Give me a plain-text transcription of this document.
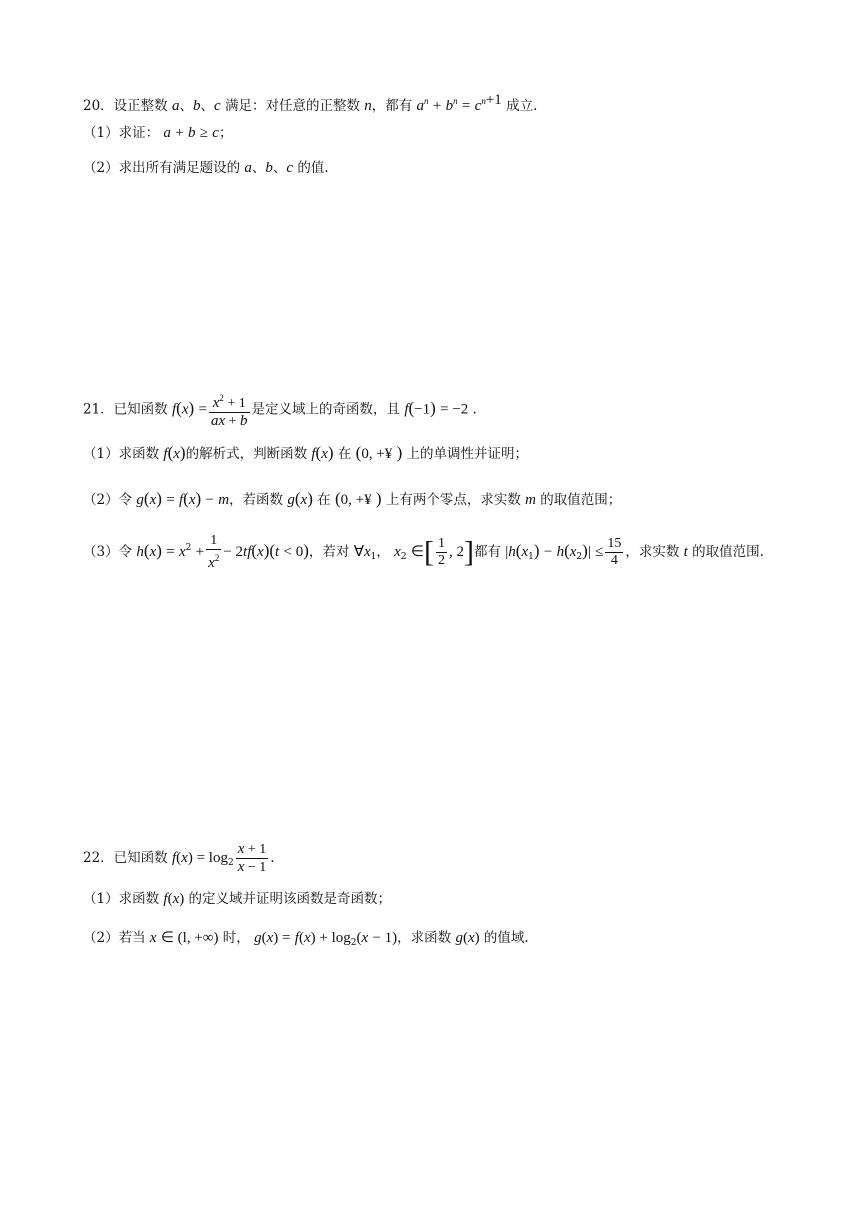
20．设正整数 a、b、c 满足：对任意的正整数 n，都有 $a^n + b^n = c^{n+1}$ 成立.
（1）求证： a + b ≥ c；
（2）求出所有满足题设的 a、b、c 的值.
21．已知函数 $f(x) = \frac{x^2 + 1}{ax + b}$ 是定义域上的奇函数，且 f(−1) = −2 .
（1）求函数 f(x)的解析式，判断函数 f(x) 在 (0, +¥ ) 上的单调性并证明；
（2）令 g(x) = f(x) − m，若函数 g(x) 在 (0, +¥ ) 上有两个零点，求实数 m 的取值范围；
（3）令 $h(x) = x^2 + \frac{1}{x^2} - 2tf(x)(t < 0)$，若对 $\forall x_1$， $x_2$ ∈[ $\frac{1}{2}$ , 2]都有 $|h(x_1) - h(x_2)| \le \frac{15}{4}$ ，求实数 t 的取值范围.
22．已知函数 $f(x) = \log_2 \frac{x + 1}{x - 1}$ .
（1）求函数 f(x) 的定义域并证明该函数是奇函数；
（2）若当 x ∈ (l, +∞) 时， $g(x) = f(x) + \log_2(x - 1)$，求函数 g(x) 的值域.
